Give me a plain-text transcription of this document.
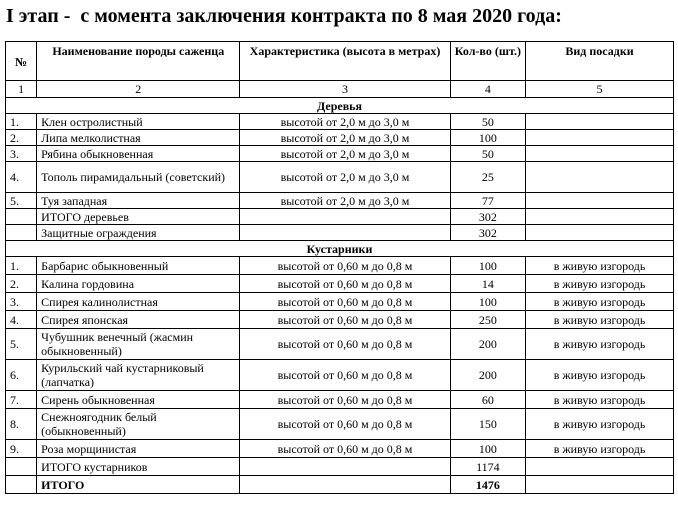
I этап -  с момента заключения контракта по 8 мая 2020 года:
№	Наименование породы саженца	Характеристика (высота в метрах)	Кол-во (шт.)	Вид посадки
1	2	3	4	5
Деревья				
1.	Клен остролистный	высотой от 2,0 м до 3,0 м	50	
2.	Липа мелколистная	высотой от 2,0 м до 3,0 м	100	
3.	Рябина обыкновенная	высотой от 2,0 м до 3,0 м	50	
4.	Тополь пирамидальный (советский)	высотой от 2,0 м до 3,0 м	25	
5.	Туя западная	высотой от 2,0 м до 3,0 м	77	
	ИТОГО деревьев		302	
	Защитные ограждения		302	
Кустарники				
1.	Барбарис обыкновенный	высотой от 0,60 м до 0,8 м	100	в живую изгородь
2.	Калина гордовина	высотой от 0,60 м до 0,8 м	14	в живую изгородь
3.	Спирея калинолистная	высотой от 0,60 м до 0,8 м	100	в живую изгородь
4.	Спирея японская	высотой от 0,60 м до 0,8 м	250	в живую изгородь
5.	Чубушник венечный (жасмин обыкновенный)	высотой от 0,60 м до 0,8 м	200	в живую изгородь
6.	Курильский чай кустарниковый (лапчатка)	высотой от 0,60 м до 0,8 м	200	в живую изгородь
7.	Сирень обыкновенная	высотой от 0,60 м до 0,8 м	60	в живую изгородь
8.	Снежноягодник белый (обыкновенный)	высотой от 0,60 м до 0,8 м	150	в живую изгородь
9.	Роза морщинистая	высотой от 0,60 м до 0,8 м	100	в живую изгородь
	ИТОГО кустарников		1174	
	ИТОГО		1476	
